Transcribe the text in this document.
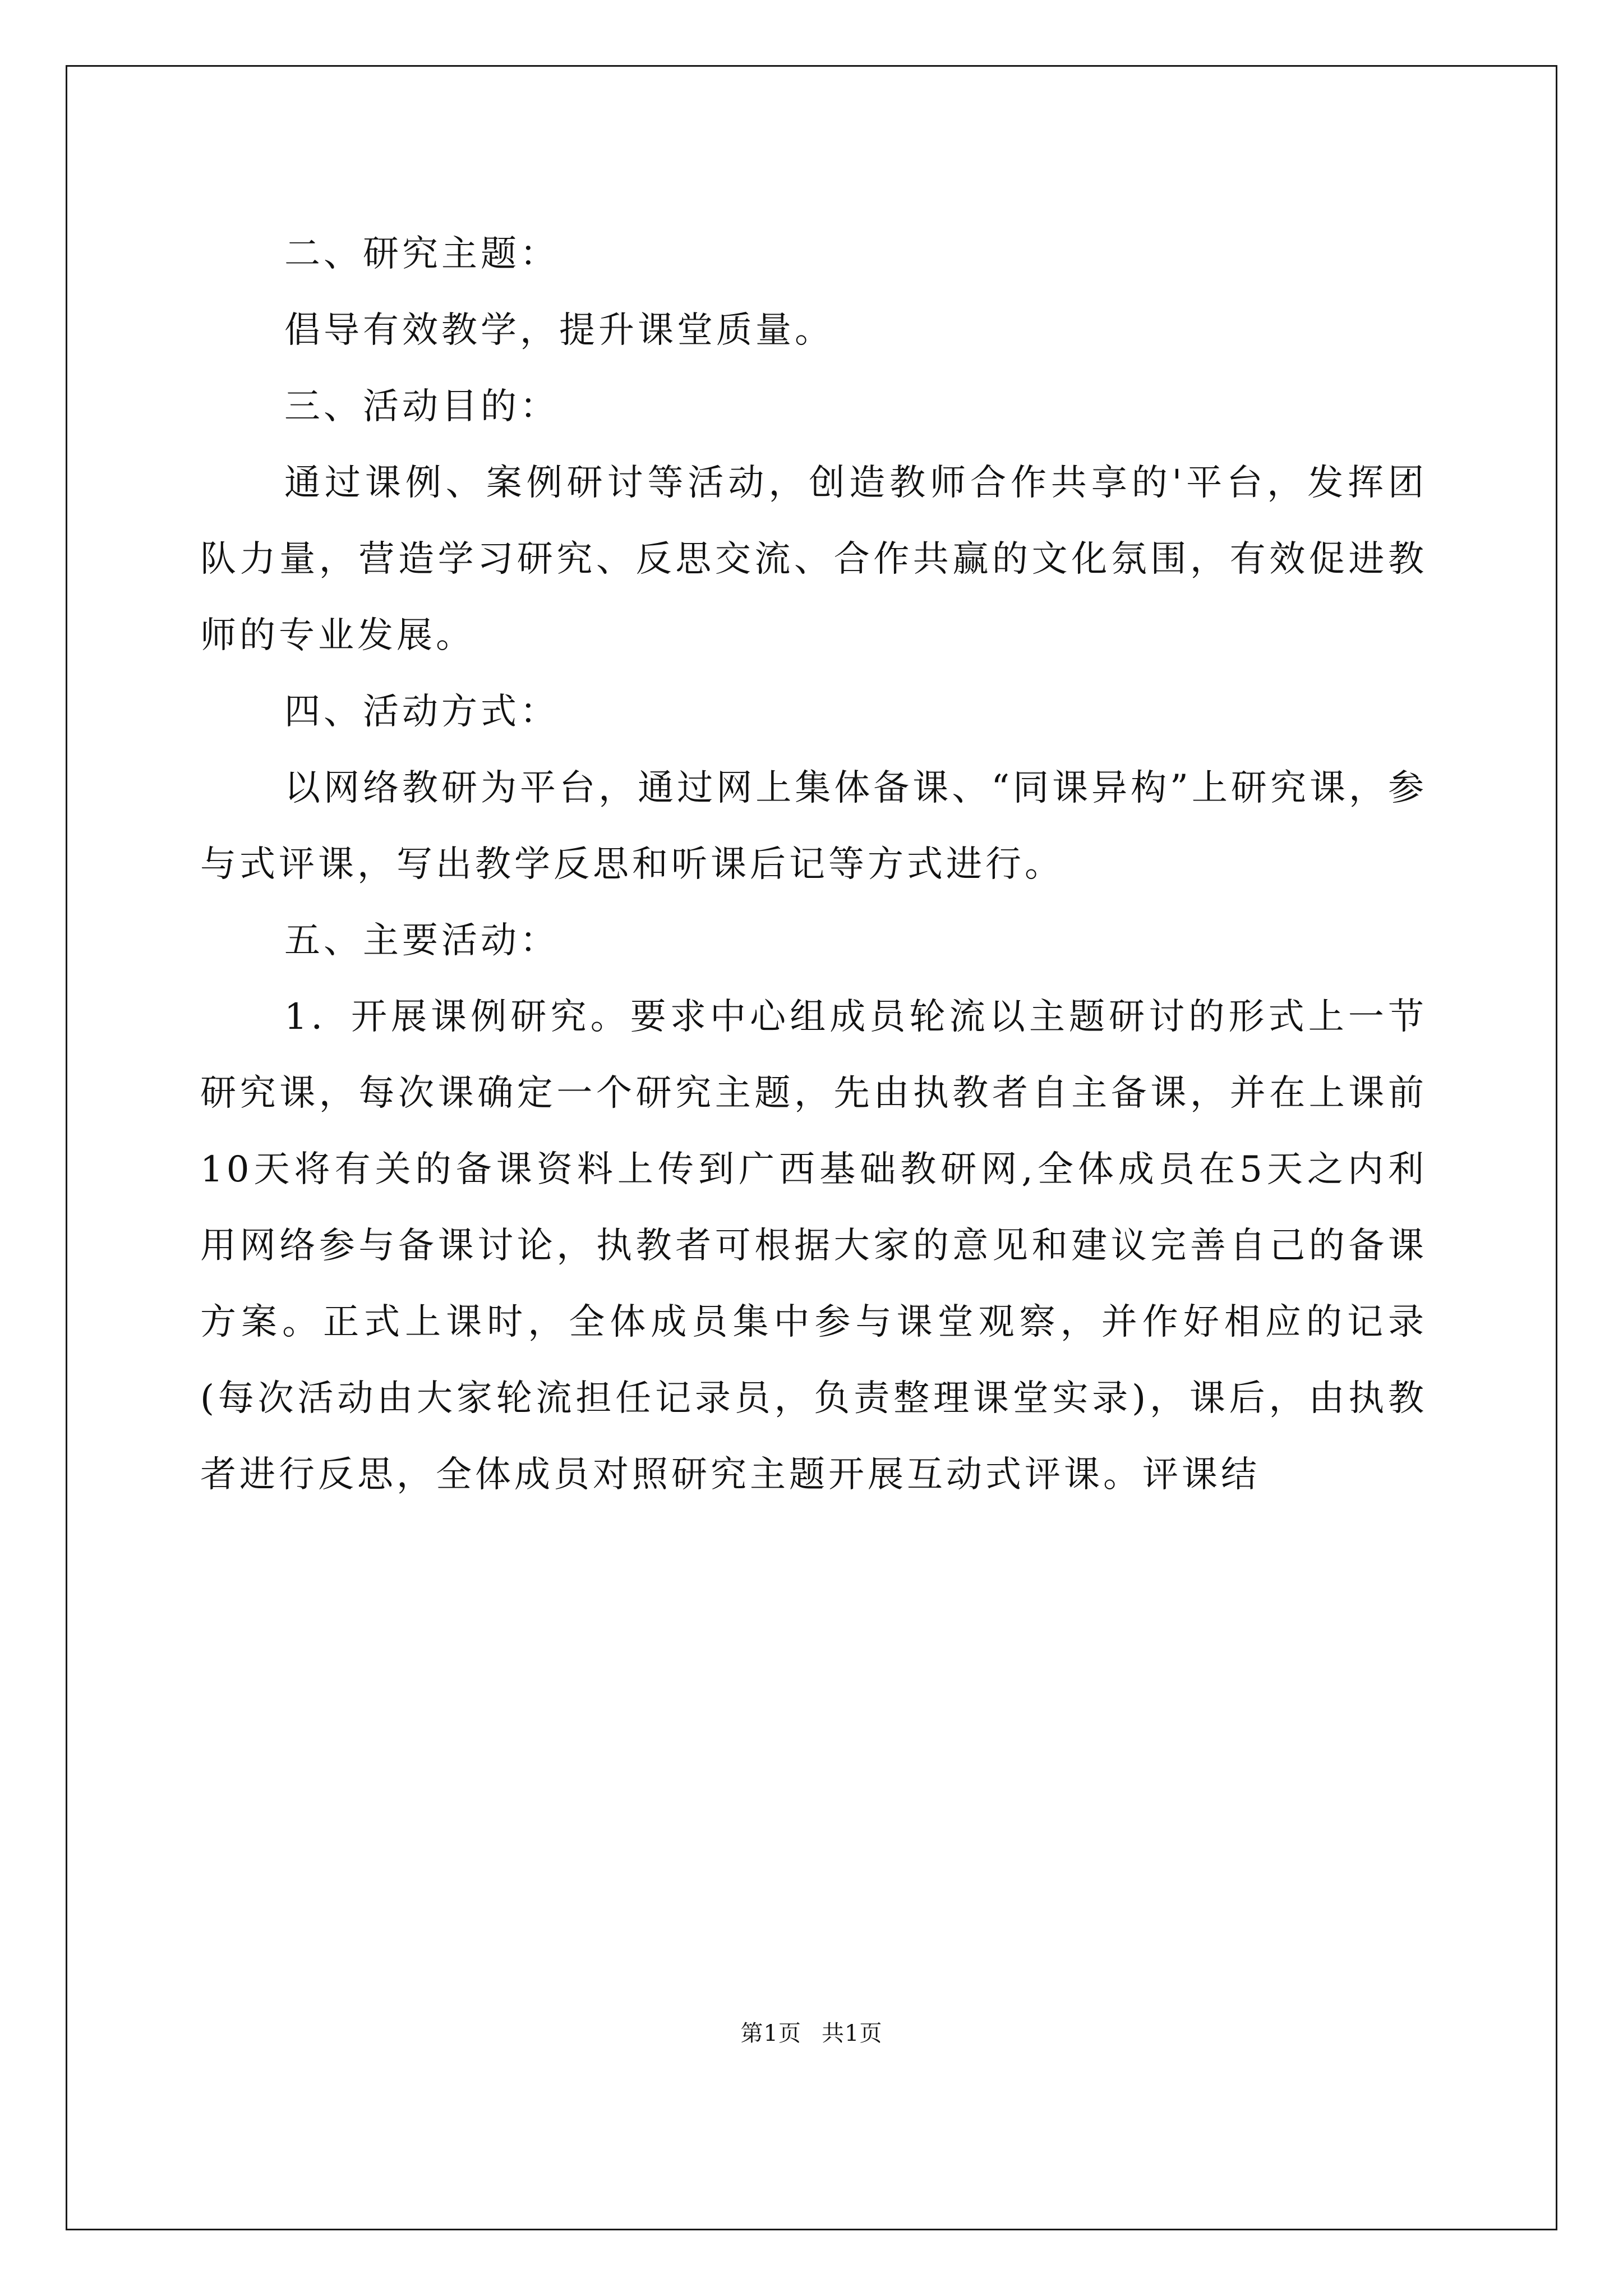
二、研究主题：

倡导有效教学，提升课堂质量。

三、活动目的：

通过课例、案例研讨等活动，创造教师合作共享的'平台，发挥团队力量，营造学习研究、反思交流、合作共赢的文化氛围，有效促进教师的专业发展。

四、活动方式：

以网络教研为平台，通过网上集体备课、“同课异构”上研究课，参与式评课，写出教学反思和听课后记等方式进行。

五、主要活动：

1．开展课例研究。要求中心组成员轮流以主题研讨的形式上一节研究课，每次课确定一个研究主题，先由执教者自主备课，并在上课前10天将有关的备课资料上传到广西基础教研网,全体成员在5天之内利用网络参与备课讨论，执教者可根据大家的意见和建议完善自己的备课方案。正式上课时，全体成员集中参与课堂观察，并作好相应的记录(每次活动由大家轮流担任记录员，负责整理课堂实录)，课后，由执教者进行反思，全体成员对照研究主题开展互动式评课。评课结

第1页 共1页
